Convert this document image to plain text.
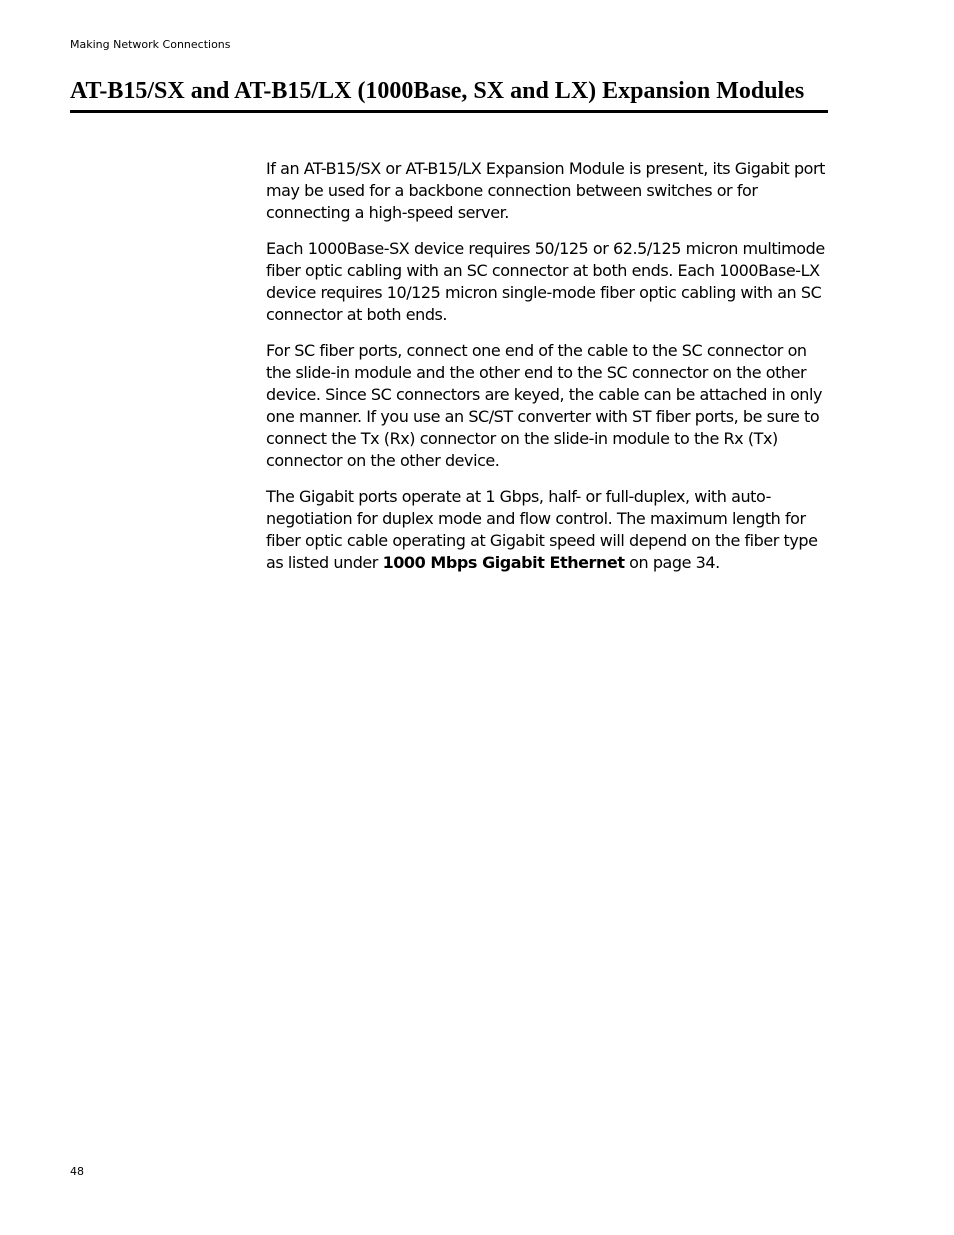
Making Network Connections
AT-B15/SX and AT-B15/LX (1000Base, SX and LX) Expansion Modules

If an AT-B15/SX or AT-B15/LX Expansion Module is present, its Gigabit port may be used for a backbone connection between switches or for connecting a high-speed server.

Each 1000Base-SX device requires 50/125 or 62.5/125 micron multimode fiber optic cabling with an SC connector at both ends. Each 1000Base-LX device requires 10/125 micron single-mode fiber optic cabling with an SC connector at both ends.

For SC fiber ports, connect one end of the cable to the SC connector on the slide-in module and the other end to the SC connector on the other device. Since SC connectors are keyed, the cable can be attached in only one manner. If you use an SC/ST converter with ST fiber ports, be sure to connect the Tx (Rx) connector on the slide-in module to the Rx (Tx) connector on the other device.

The Gigabit ports operate at 1 Gbps, half- or full-duplex, with auto-negotiation for duplex mode and flow control. The maximum length for fiber optic cable operating at Gigabit speed will depend on the fiber type as listed under 1000 Mbps Gigabit Ethernet on page 34.

48
